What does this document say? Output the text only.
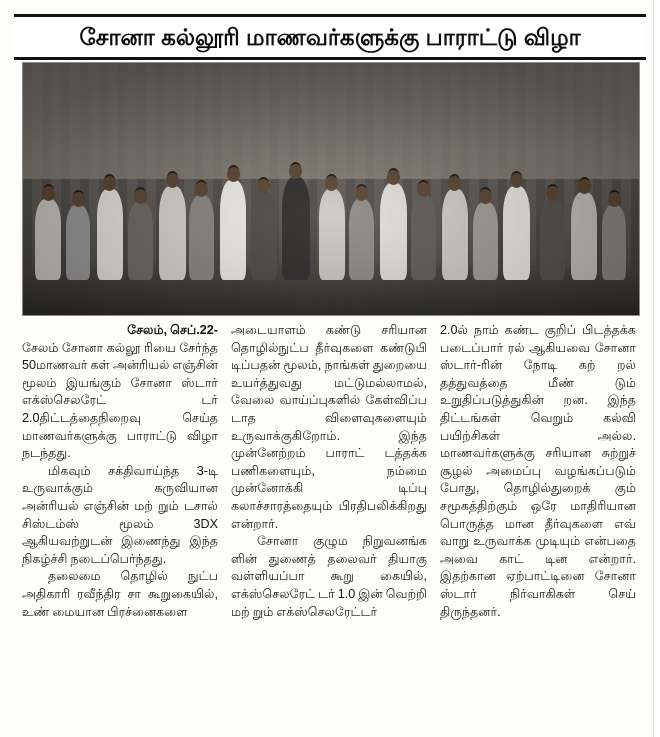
சோனா கல்லூரி மாணவர்களுக்கு பாராட்டு விழா

சேலம், செப்.22-

சேலம் சோனா கல்லூ ரியை சேர்ந்த 50மாணவர் கள் அன்ரியல் எஞ்சின் மூலம் இயங்கும் சோனா ஸ்டார் எக்ஸ்செலரேட் டர் 2.0திட்டத்தைநிறைவு செய்த மாணவர்களுக்கு பாராட்டு விழா நடந்தது.

மிகவும் சக்திவாய்ந்த 3-டி உருவாக்கும் கருவியான அன்ரியல் எஞ்சின் மற் றும் டசால் சிஸ்டம்ஸ் மூலம் 3DX ஆகியவற்றுடன் இணைந்து இந்த நிகழ்ச்சி நடைப்பெர்ந்தது.

தலைமை தொழில் நுட்ப அதிகாரி ரவீந்திர சா கூறுகையில், உண் மையான பிரச்னைகளை

அடையாளம் கண்டு சரியான தொழில்நுட்ப தீர்வுகளை கண்டுபி டிப்பதன் மூலம், நாங்கள் துறையை உயர்த்துவது மட்டுமல்லாமல், வேலை வாய்ப்புகளில் கேள்விப்ப டாத விளைவுகளையும் உருவாக்குகிறோம். இந்த முன்னேற்றம் பாராட் டத்தக்க பணிகளையும், நம்மை முன்னோக்கி டிப்பு கலாச்சாரத்தையும் பிரதிபலிக்கிறது என்றார்.

சோனா குழும நிறுவனங்க ளின் துணைத் தலைவர் தியாகு வள்ளியப்பா கூறு கையில், எக்ஸ்செலரேட் டர் 1.0 இன் வெற்றி மற் றும் எக்ஸ்செலரேட்டர்

2.0ல் நாம் கண்ட குறிப் பிடத்தக்க படைப்பார் ரல் ஆகியவை சோனா ஸ்டார்-ரின் நோடி கற் றல் தத்துவத்தை மீண் டும் உறுதிப்படுத்துகின் றன. இந்த திட்டங்கள் வெறும் கல்வி பயிற்சிகள் அல்ல. மாணவர்களுக்கு சரியான சுற்றுச் சூழல் அமைப்பு வழங்கப்படும் போது, தொழில்துறைக் கும் சமூகத்திற்கும் ஒரே மாதிரியான பொருத்த மான தீர்வுகளை எவ் வாறு உருவாக்க முடியும் என்பதை அவை காட் டின என்றார். இதற்கான ஏற்பாட்டினை சோனா ஸ்டார் நிர்வாகிகள் செய் திருந்தனர்.
